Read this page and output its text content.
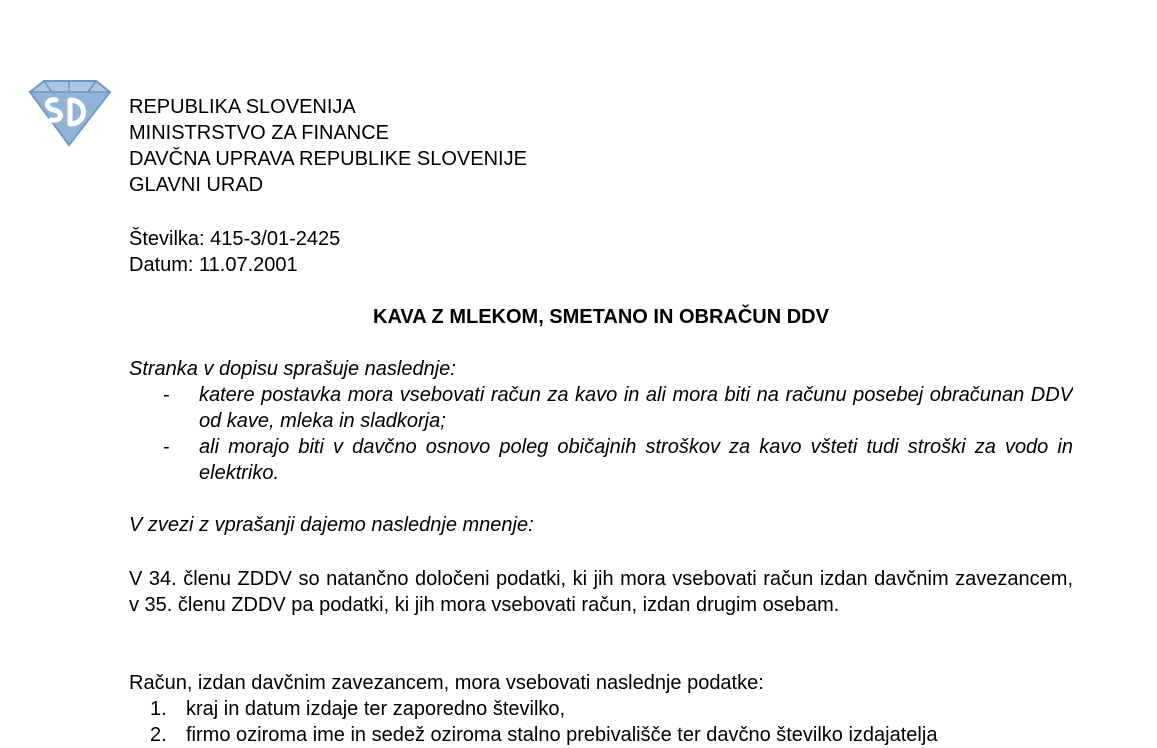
REPUBLIKA SLOVENIJA
MINISTRSTVO ZA FINANCE
DAVČNA UPRAVA REPUBLIKE SLOVENIJE
GLAVNI URAD
Številka: 415-3/01-2425
Datum: 11.07.2001
KAVA Z MLEKOM, SMETANO IN OBRAČUN DDV
Stranka v dopisu sprašuje naslednje:
- katere postavka mora vsebovati račun za kavo in ali mora biti na računu posebej obračunan DDV od kave, mleka in sladkorja;
- ali morajo biti v davčno osnovo poleg običajnih stroškov za kavo všteti tudi stroški za vodo in elektriko.
V zvezi z vprašanji dajemo naslednje mnenje:
V 34. členu ZDDV so natančno določeni podatki, ki jih mora vsebovati račun izdan davčnim zavezancem, v 35. členu ZDDV pa podatki, ki jih mora vsebovati račun, izdan drugim osebam.
Račun, izdan davčnim zavezancem, mora vsebovati naslednje podatke:
1. kraj in datum izdaje ter zaporedno številko,
2. firmo oziroma ime in sedež oziroma stalno prebivališče ter davčno številko izdajatelja
